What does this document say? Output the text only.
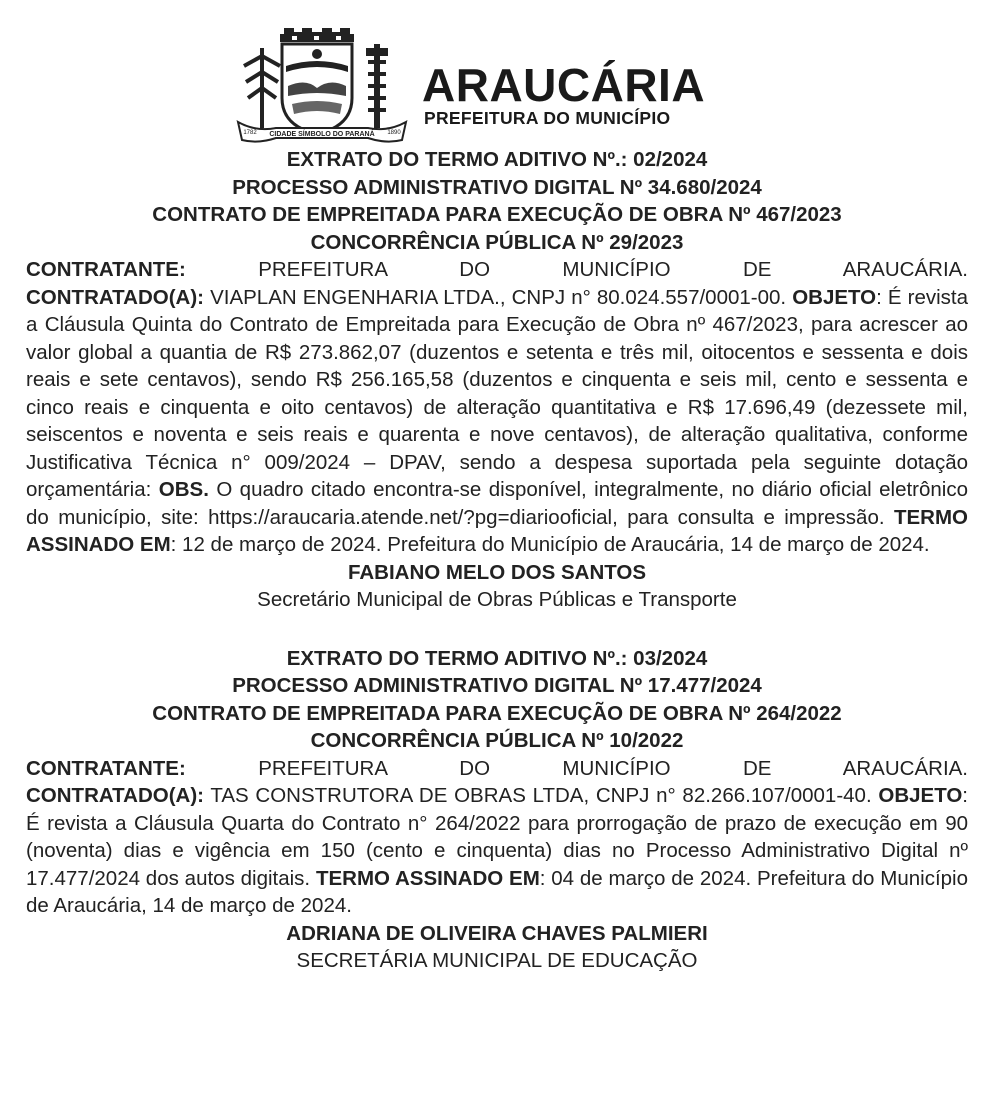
CIDADE SÍMBOLO DO PARANÁ
1782	1890
ARAUCÁRIA
PREFEITURA DO MUNICÍPIO
EXTRATO DO TERMO ADITIVO Nº.: 02/2024
PROCESSO ADMINISTRATIVO DIGITAL Nº 34.680/2024
CONTRATO DE EMPREITADA PARA EXECUÇÃO DE OBRA Nº 467/2023
CONCORRÊNCIA PÚBLICA Nº 29/2023
CONTRATANTE:	PREFEITURA DO MUNICÍPIO DE ARAUCÁRIA.
CONTRATADO(A): VIAPLAN ENGENHARIA LTDA., CNPJ n° 80.024.557/0001-00. OBJETO: É revista a Cláusula Quinta do Contrato de Empreitada para Execução de Obra nº 467/2023, para acrescer ao valor global a quantia de R$ 273.862,07 (duzentos e setenta e três mil, oitocentos e sessenta e dois reais e sete centavos), sendo R$ 256.165,58 (duzentos e cinquenta e seis mil, cento e sessenta e cinco reais e cinquenta e oito centavos) de alteração quantitativa e R$ 17.696,49 (dezessete mil, seiscentos e noventa e seis reais e quarenta e nove centavos), de alteração qualitativa, conforme Justificativa Técnica n° 009/2024 – DPAV, sendo a despesa suportada pela seguinte dotação orçamentária: OBS. O quadro citado encontra-se disponível, integralmente, no diário oficial eletrônico do município, site: https://araucaria.atende.net/?pg=diariooficial, para consulta e impressão. TERMO ASSINADO EM: 12 de março de 2024. Prefeitura do Município de Araucária, 14 de março de 2024.
FABIANO MELO DOS SANTOS
Secretário Municipal de Obras Públicas e Transporte
EXTRATO DO TERMO ADITIVO Nº.: 03/2024
PROCESSO ADMINISTRATIVO DIGITAL Nº 17.477/2024
CONTRATO DE EMPREITADA PARA EXECUÇÃO DE OBRA Nº 264/2022
CONCORRÊNCIA PÚBLICA Nº 10/2022
CONTRATANTE:	PREFEITURA DO MUNICÍPIO DE ARAUCÁRIA.
CONTRATADO(A): TAS CONSTRUTORA DE OBRAS LTDA, CNPJ n° 82.266.107/0001-40. OBJETO: É revista a Cláusula Quarta do Contrato n° 264/2022 para prorrogação de prazo de execução em 90 (noventa) dias e vigência em 150 (cento e cinquenta) dias no Processo Administrativo Digital nº 17.477/2024 dos autos digitais. TERMO ASSINADO EM: 04 de março de 2024. Prefeitura do Município de Araucária, 14 de março de 2024.
ADRIANA DE OLIVEIRA CHAVES PALMIERI
SECRETÁRIA MUNICIPAL DE EDUCAÇÃO
